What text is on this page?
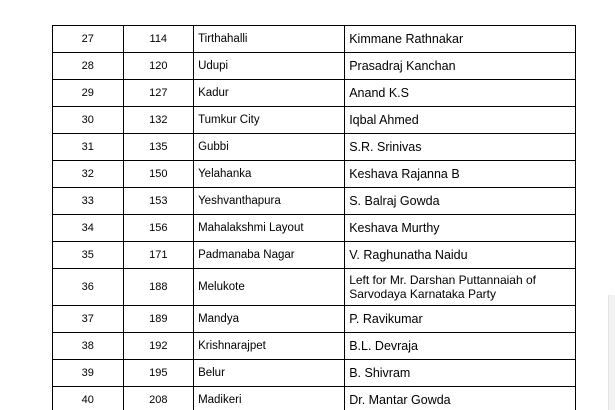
27	114	Tirthahalli	Kimmane Rathnakar
28	120	Udupi	Prasadraj Kanchan
29	127	Kadur	Anand K.S
30	132	Tumkur City	Iqbal Ahmed
31	135	Gubbi	S.R. Srinivas
32	150	Yelahanka	Keshava Rajanna B
33	153	Yeshvanthapura	S. Balraj Gowda
34	156	Mahalakshmi Layout	Keshava Murthy
35	171	Padmanaba Nagar	V. Raghunatha Naidu
36	188	Melukote	Left for Mr. Darshan Puttannaiah of Sarvodaya Karnataka Party
37	189	Mandya	P. Ravikumar
38	192	Krishnarajpet	B.L. Devraja
39	195	Belur	B. Shivram
40	208	Madikeri	Dr. Mantar Gowda
